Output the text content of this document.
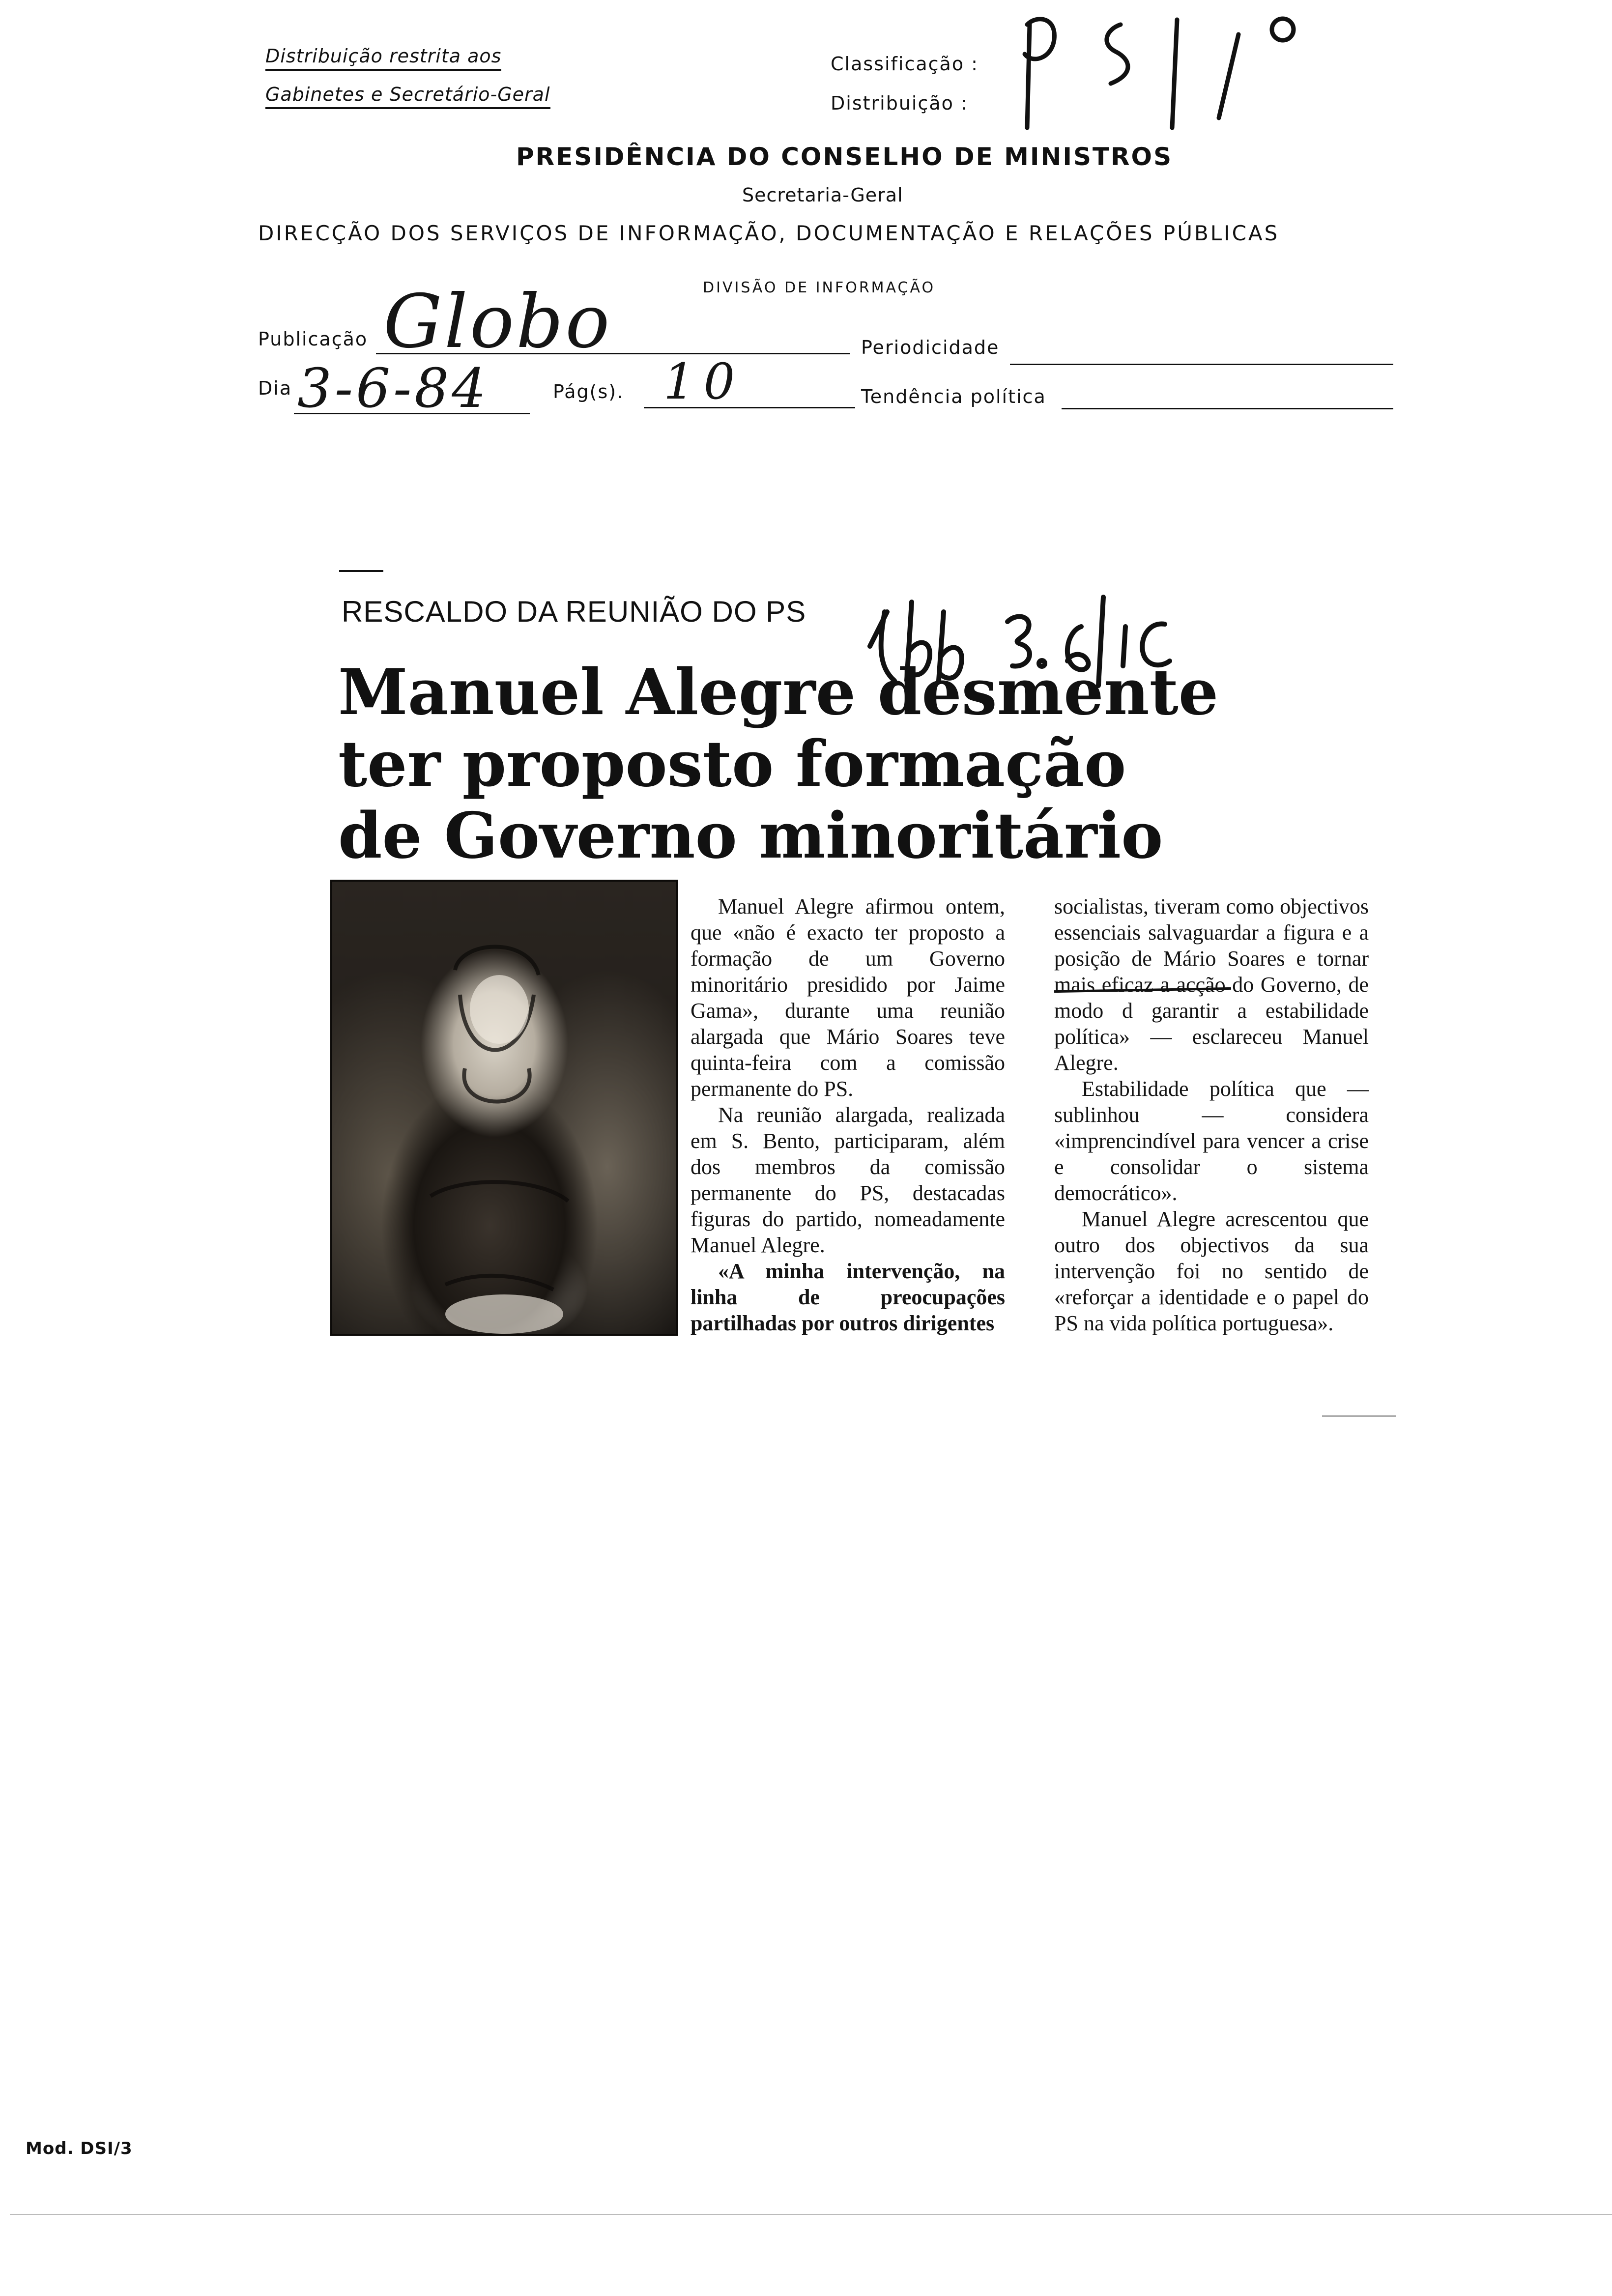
Distribuição restrita aos
Gabinetes e Secretário-Geral
Classificação :
Distribuição :
PRESIDÊNCIA DO CONSELHO DE MINISTROS
Secretaria-Geral
DIRECÇÃO DOS SERVIÇOS DE INFORMAÇÃO, DOCUMENTAÇÃO E RELAÇÕES PÚBLICAS
DIVISÃO DE INFORMAÇÃO
Publicação Globo	Periodicidade
Dia 3-6-84	Pág(s). 10	Tendência política
RESCALDO DA REUNIÃO DO PS
Manuel Alegre desmente
ter proposto formação
de Governo minoritário

Manuel Alegre afirmou ontem, que «não é exacto ter proposto a formação de um Governo minoritário presidido por Jaime Gama», durante uma reunião alargada que Mário Soares teve quinta-feira com a comissão permanente do PS.

Na reunião alargada, realizada em S. Bento, participaram, além dos membros da comissão permanente do PS, destacadas figuras do partido, nomeadamente Manuel Alegre.

«A minha intervenção, na linha de preocupações partilhadas por outros dirigentes

socialistas, tiveram como objectivos essenciais salvaguardar a figura e a posição de Mário Soares e tornar mais eficaz a acção do Governo, de modo d garantir a estabilidade política» — esclareceu Manuel Alegre.

Estabilidade política que — sublinhou — considera «imprencindível para vencer a crise e consolidar o sistema democrático».

Manuel Alegre acrescentou que outro dos objectivos da sua intervenção foi no sentido de «reforçar a identidade e o papel do PS na vida política portuguesa».

Mod. DSI/3
